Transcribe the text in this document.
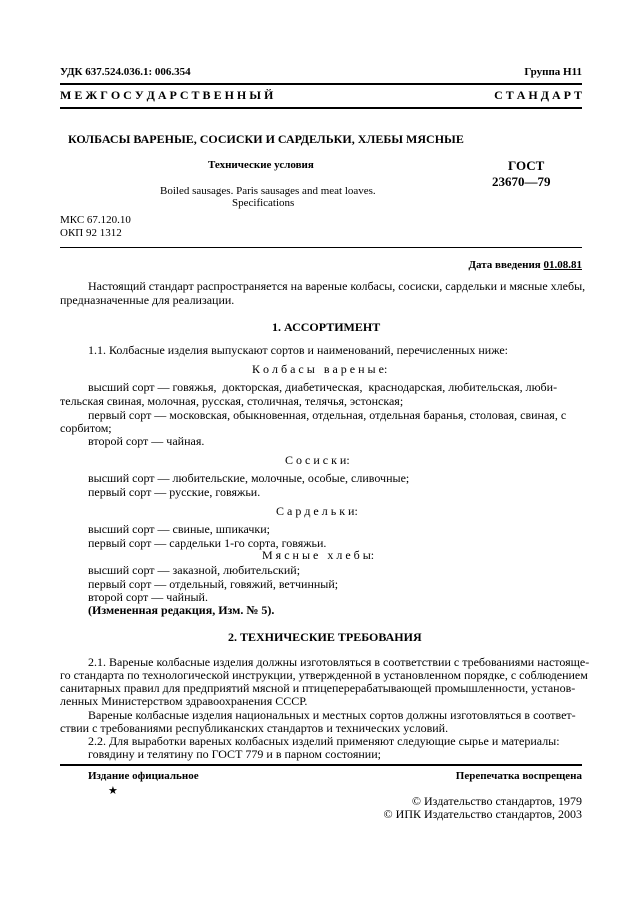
УДК 637.524.036.1: 006.354	Группа Н11
М Е Ж Г О С У Д А Р С Т В Е Н Н Ы Й	С Т А Н Д А Р Т
КОЛБАСЫ ВАРЕНЫЕ, СОСИСКИ И САРДЕЛЬКИ, ХЛЕБЫ МЯСНЫЕ
Технические условия	ГОСТ
23670—79
Boiled sausages. Paris sausages and meat loaves.
Specifications
МКС 67.120.10
ОКП 92 1312
Дата введения 01.08.81
Настоящий стандарт распространяется на вареные колбасы, сосиски, сардельки и мясные хлебы,
предназначенные для реализации.
1. АССОРТИМЕНТ
1.1. Колбасные изделия выпускают сортов и наименований, перечисленных ниже:
К о л б а с ы   в а р е н ы е:
высший сорт — говяжья,  докторская, диабетическая,  краснодарская, любительская, люби-
тельская свиная, молочная, русская, столичная, телячья, эстонская;
первый сорт — московская, обыкновенная, отдельная, отдельная баранья, столовая, свиная, с
сорбитом;
второй сорт — чайная.
С о с и с к и:
высший сорт — любительские, молочные, особые, сливочные;
первый сорт — русские, говяжьи.
С а р д е л ь к и:
высший сорт — свиные, шпикачки;
первый сорт — сардельки 1-го сорта, говяжьи.
М я с н ы е   х л е б ы:
высший сорт — заказной, любительский;
первый сорт — отдельный, говяжий, ветчинный;
второй сорт — чайный.
(Измененная редакция, Изм. № 5).
2. ТЕХНИЧЕСКИЕ ТРЕБОВАНИЯ
2.1. Вареные колбасные изделия должны изготовляться в соответствии с требованиями настояще-
го стандарта по технологической инструкции, утвержденной в установленном порядке, с соблюдением
санитарных правил для предприятий мясной и птицеперерабатывающей промышленности, установ-
ленных Министерством здравоохранения СССР.
Вареные колбасные изделия национальных и местных сортов должны изготовляться в соответ-
ствии с требованиями республиканских стандартов и технических условий.
2.2. Для выработки вареных колбасных изделий применяют следующие сырье и материалы:
говядину и телятину по ГОСТ 779 и в парном состоянии;
Издание официальное
★
Перепечатка воспрещена
© Издательство стандартов, 1979
© ИПК Издательство стандартов, 2003
